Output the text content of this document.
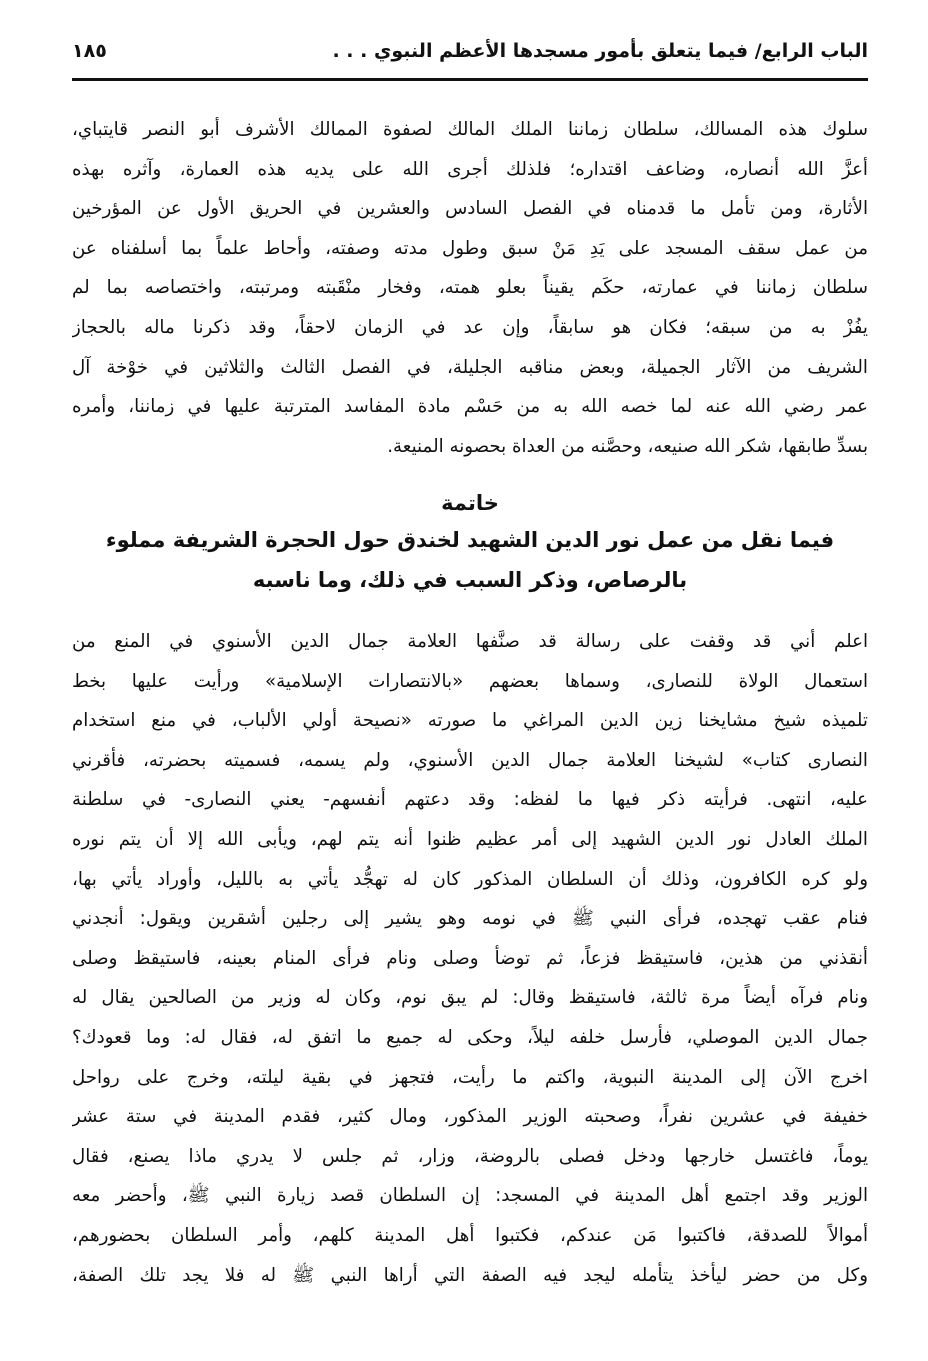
الباب الرابع/ فيما يتعلق بأمور مسجدها الأعظم النبوي . . .
١٨٥
سلوك هذه المسالك، سلطان زماننا الملك المالك لصفوة الممالك الأشرف أبو النصر قايتباي،
أعزَّ الله أنصاره، وضاعف اقتداره؛ فلذلك أجرى الله على يديه هذه العمارة، وآثره بهذه
الأثارة، ومن تأمل ما قدمناه في الفصل السادس والعشرين في الحريق الأول عن المؤرخين
من عمل سقف المسجد على يَدِ مَنْ سبق وطول مدته وصفته، وأحاط علماً بما أسلفناه عن
سلطان زماننا في عمارته، حكَم يقيناً بعلو همته، وفخار منْقَبته ومرتبته، واختصاصه بما لم
يفُزْ به من سبقه؛ فكان هو سابقاً، وإن عد في الزمان لاحقاً، وقد ذكرنا ماله بالحجاز
الشريف من الآثار الجميلة، وبعض مناقبه الجليلة، في الفصل الثالث والثلاثين في خوْخة آل
عمر رضي الله عنه لما خصه الله به من حَسْم مادة المفاسد المترتبة عليها في زماننا، وأمره
بسدِّ طابقها، شكر الله صنيعه، وحصَّنه من العداة بحصونه المنيعة.
خاتمة
فيما نقل من عمل نور الدين الشهيد لخندق حول الحجرة الشريفة مملوء
بالرصاص، وذكر السبب في ذلك، وما ناسبه
اعلم أني قد وقفت على رسالة قد صنَّفها العلامة جمال الدين الأسنوي في المنع من
استعمال الولاة للنصارى، وسماها بعضهم «بالانتصارات الإسلامية» ورأيت عليها بخط
تلميذه شيخ مشايخنا زين الدين المراغي ما صورته «نصيحة أولي الألباب، في منع استخدام
النصارى كتاب» لشيخنا العلامة جمال الدين الأسنوي، ولم يسمه، فسميته بحضرته، فأقرني
عليه، انتهى. فرأيته ذكر فيها ما لفظه: وقد دعتهم أنفسهم- يعني النصارى- في سلطنة
الملك العادل نور الدين الشهيد إلى أمر عظيم ظنوا أنه يتم لهم، ويأبى الله إلا أن يتم نوره
ولو كره الكافرون، وذلك أن السلطان المذكور كان له تهجُّد يأتي به بالليل، وأوراد يأتي بها،
فنام عقب تهجده، فرأى النبي ﷺ في نومه وهو يشير إلى رجلين أشقرين ويقول: أنجدني
أنقذني من هذين، فاستيقظ فزعاً، ثم توضأ وصلى ونام فرأى المنام بعينه، فاستيقظ وصلى
ونام فرآه أيضاً مرة ثالثة، فاستيقظ وقال: لم يبق نوم، وكان له وزير من الصالحين يقال له
جمال الدين الموصلي، فأرسل خلفه ليلاً، وحكى له جميع ما اتفق له، فقال له: وما قعودك؟
اخرج الآن إلى المدينة النبوية، واكتم ما رأيت، فتجهز في بقية ليلته، وخرج على رواحل
خفيفة في عشرين نفراً، وصحبته الوزير المذكور، ومال كثير، فقدم المدينة في ستة عشر
يوماً، فاغتسل خارجها ودخل فصلى بالروضة، وزار، ثم جلس لا يدري ماذا يصنع، فقال
الوزير وقد اجتمع أهل المدينة في المسجد: إن السلطان قصد زيارة النبي ﷺ، وأحضر معه
أموالاً للصدقة، فاكتبوا مَن عندكم، فكتبوا أهل المدينة كلهم، وأمر السلطان بحضورهم،
وكل من حضر ليأخذ يتأمله ليجد فيه الصفة التي أراها النبي ﷺ له فلا يجد تلك الصفة،
